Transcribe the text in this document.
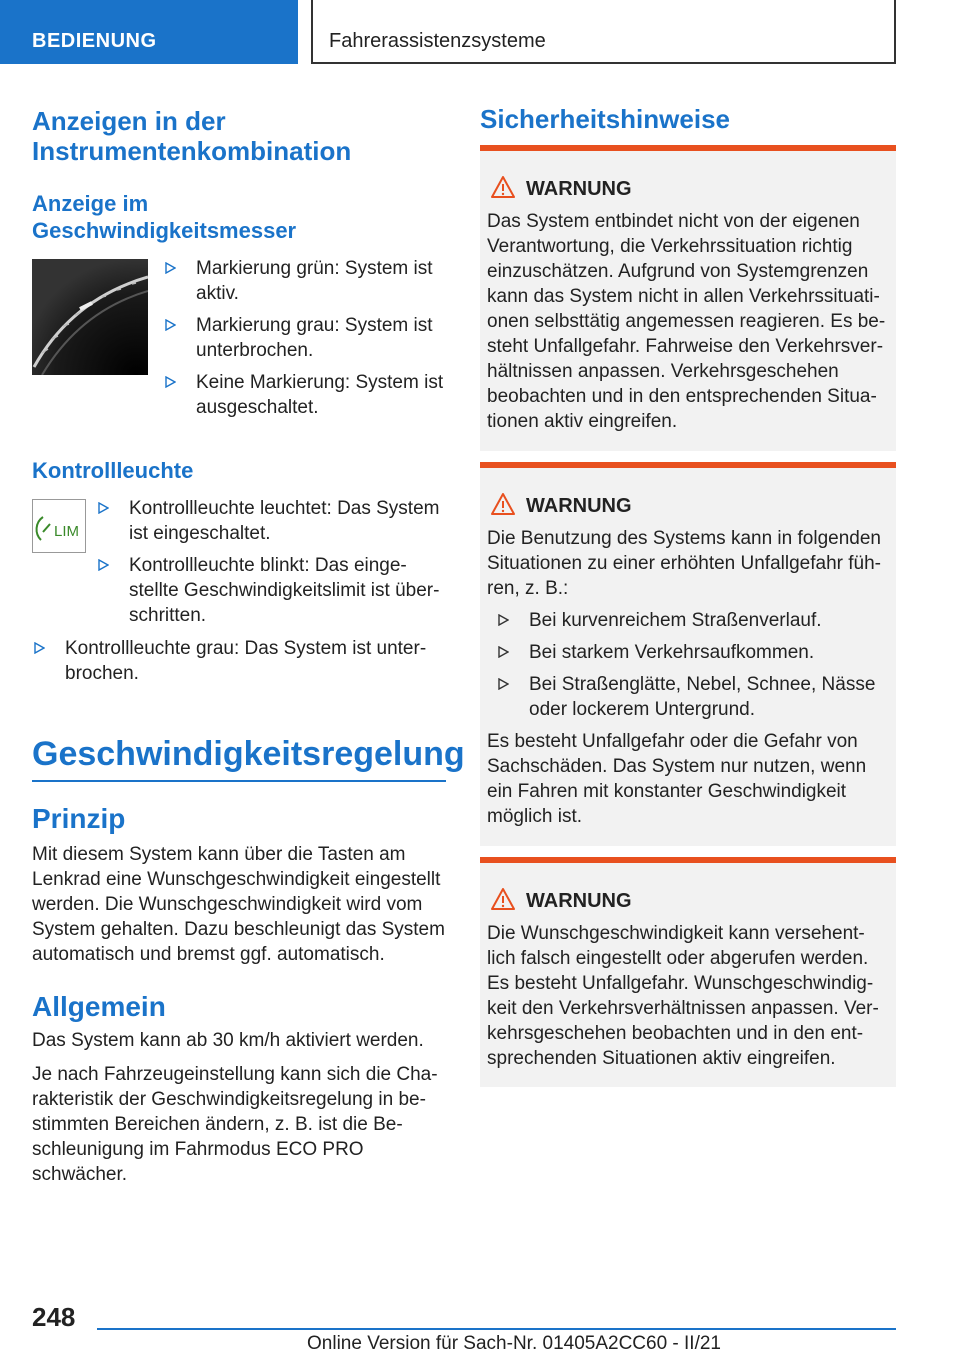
BEDIENUNG	Fahrerassistenzsysteme
Anzeigen in der
Instrumentenkombination
Anzeige im
Geschwindigkeitsmesser
Markierung grün: System ist
aktiv.
Markierung grau: System ist
unterbrochen.
Keine Markierung: System ist
ausgeschaltet.
Kontrollleuchte
LIM
Kontrollleuchte leuchtet: Das System
ist eingeschaltet.
Kontrollleuchte blinkt: Das einge-
stellte Geschwindigkeitslimit ist über-
schritten.
Kontrollleuchte grau: Das System ist unter-
brochen.
Geschwindigkeitsregelung
Prinzip
Mit diesem System kann über die Tasten am
Lenkrad eine Wunschgeschwindigkeit eingestellt
werden. Die Wunschgeschwindigkeit wird vom
System gehalten. Dazu beschleunigt das System
automatisch und bremst ggf. automatisch.
Allgemein
Das System kann ab 30 km/h aktiviert werden.
Je nach Fahrzeugeinstellung kann sich die Cha-
rakteristik der Geschwindigkeitsregelung in be-
stimmten Bereichen ändern, z. B. ist die Be-
schleunigung im Fahrmodus ECO PRO
schwächer.
Sicherheitshinweise
WARNUNG
Das System entbindet nicht von der eigenen
Verantwortung, die Verkehrssituation richtig
einzuschätzen. Aufgrund von Systemgrenzen
kann das System nicht in allen Verkehrssituati-
onen selbsttätig angemessen reagieren. Es be-
steht Unfallgefahr. Fahrweise den Verkehrsver-
hältnissen anpassen. Verkehrsgeschehen
beobachten und in den entsprechenden Situa-
tionen aktiv eingreifen.
WARNUNG
Die Benutzung des Systems kann in folgenden
Situationen zu einer erhöhten Unfallgefahr füh-
ren, z. B.:
Bei kurvenreichem Straßenverlauf.
Bei starkem Verkehrsaufkommen.
Bei Straßenglätte, Nebel, Schnee, Nässe
oder lockerem Untergrund.
Es besteht Unfallgefahr oder die Gefahr von
Sachschäden. Das System nur nutzen, wenn
ein Fahren mit konstanter Geschwindigkeit
möglich ist.
WARNUNG
Die Wunschgeschwindigkeit kann versehent-
lich falsch eingestellt oder abgerufen werden.
Es besteht Unfallgefahr. Wunschgeschwindig-
keit den Verkehrsverhältnissen anpassen. Ver-
kehrsgeschehen beobachten und in den ent-
sprechenden Situationen aktiv eingreifen.
248
Online Version für Sach-Nr. 01405A2CC60 - II/21
